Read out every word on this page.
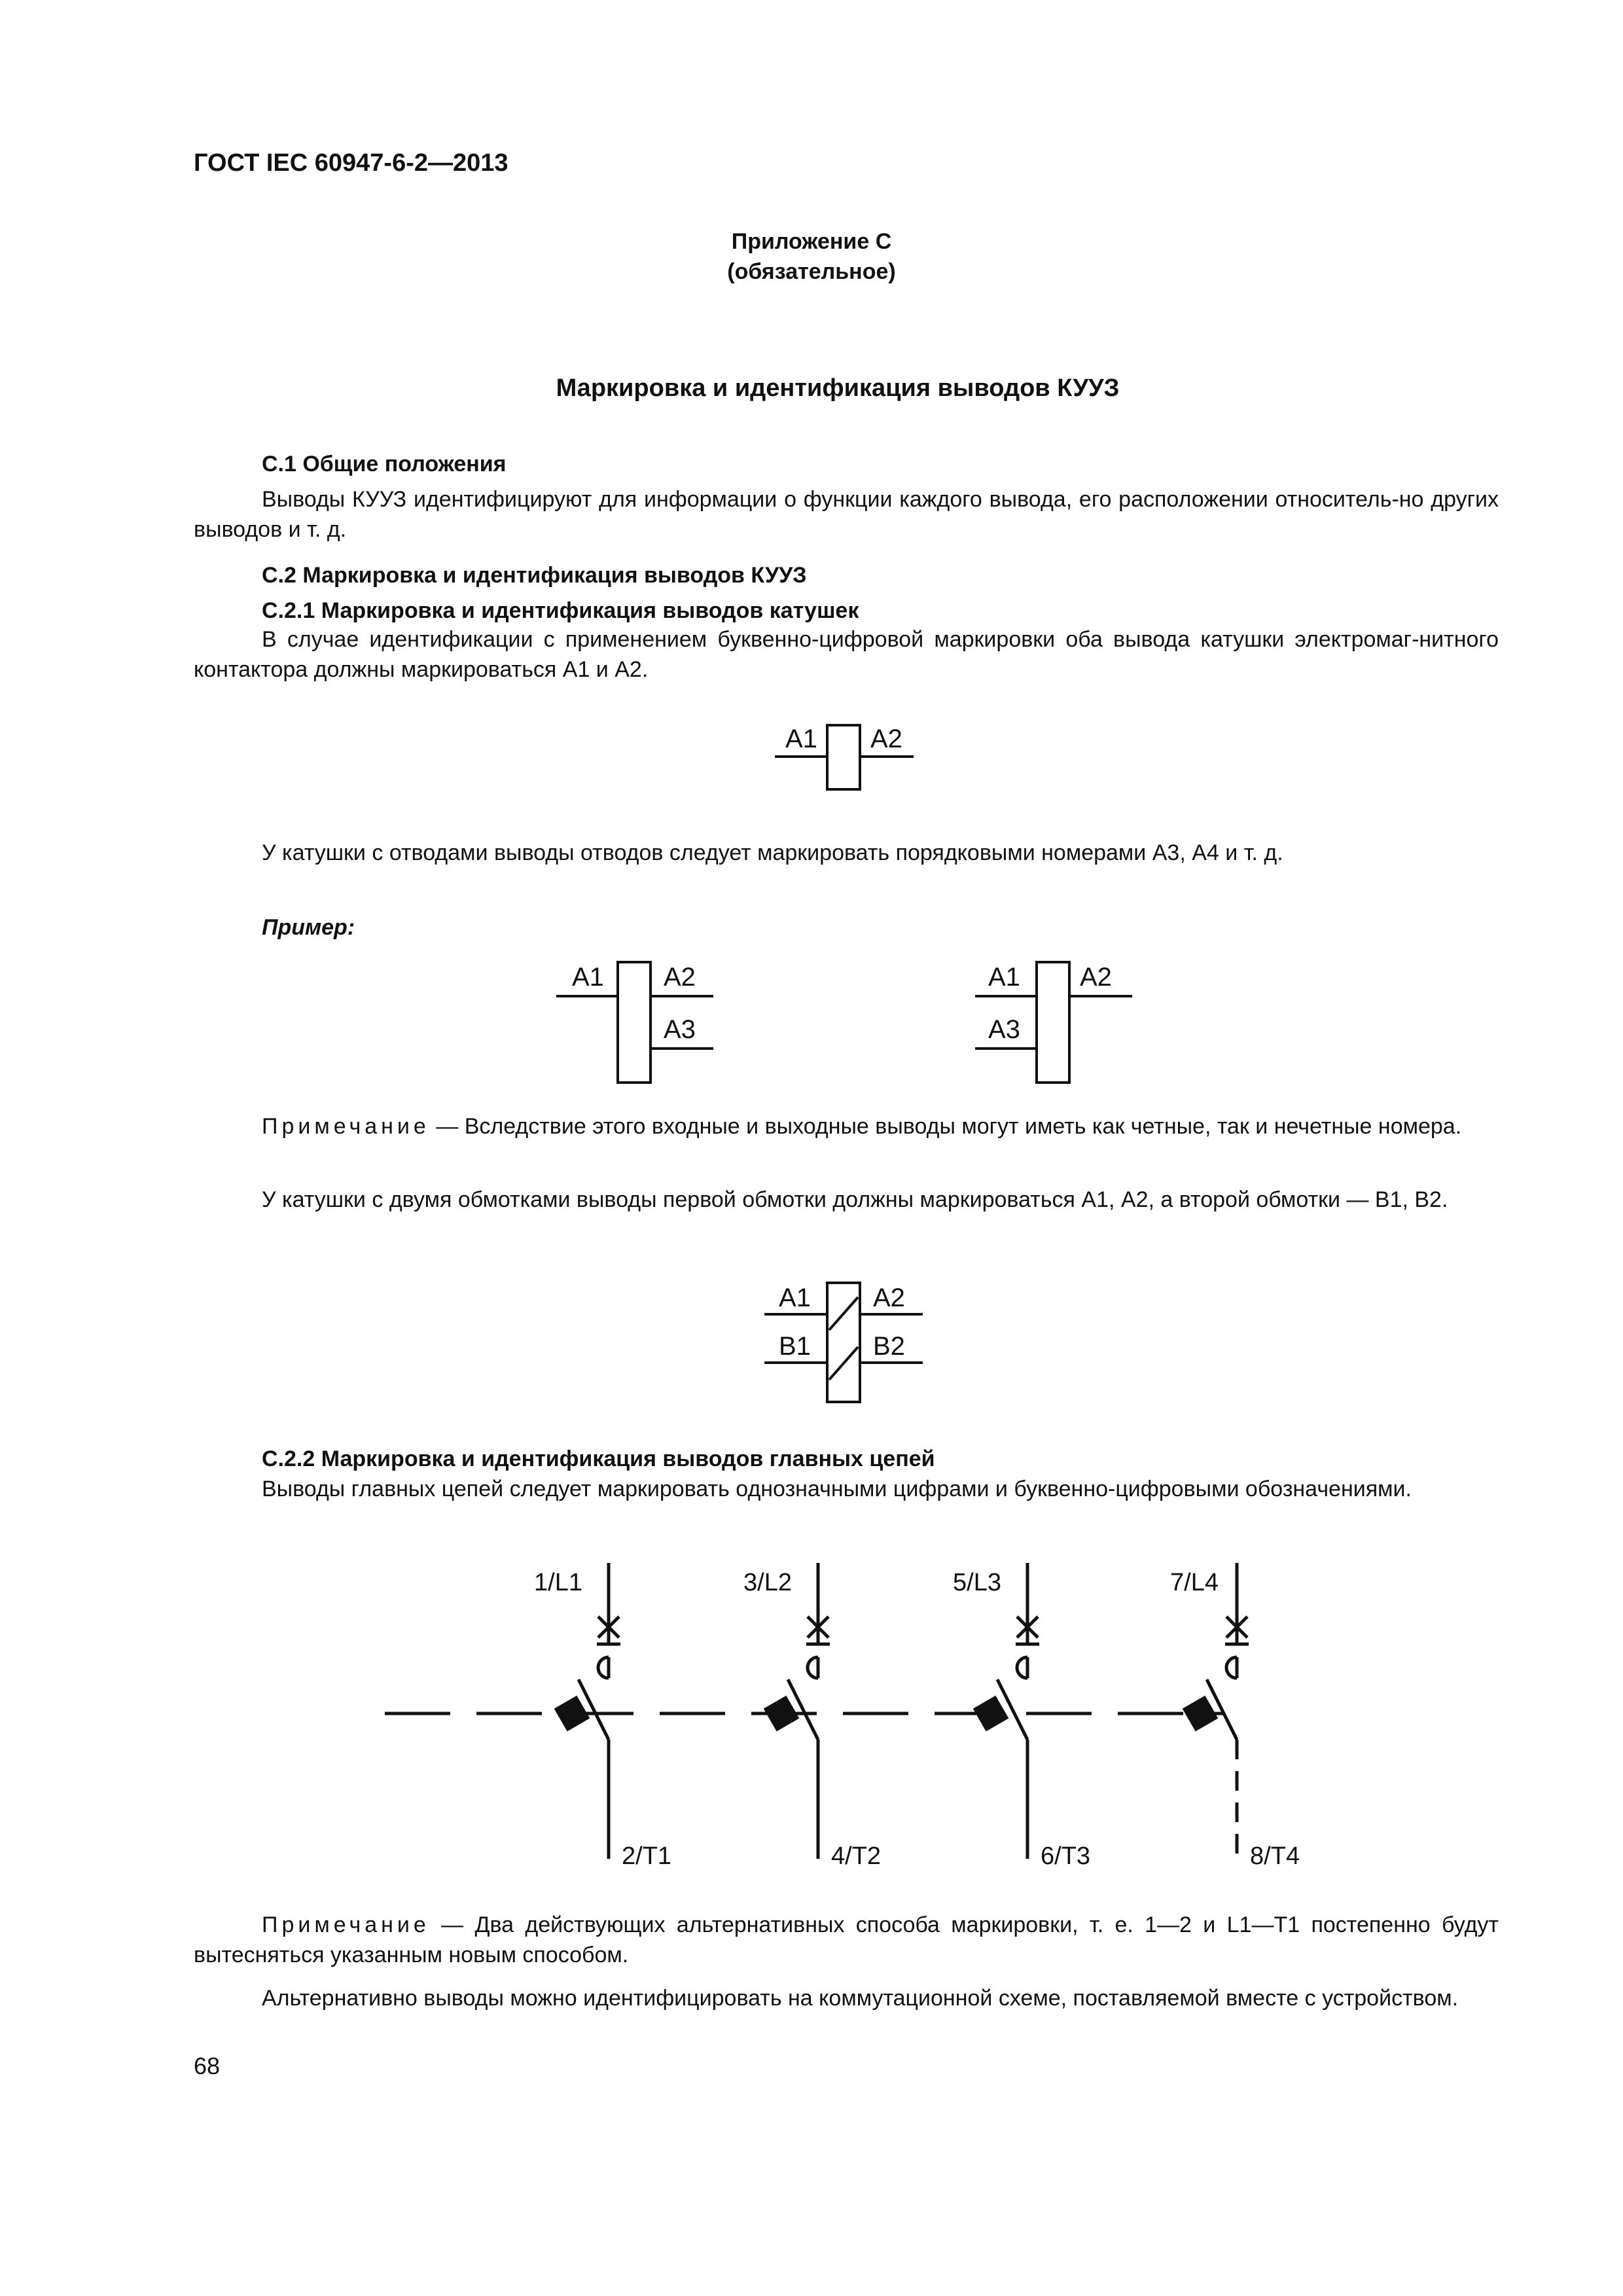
ГОСТ IEC 60947-6-2—2013
Приложение С
(обязательное)
Маркировка и идентификация выводов КУУЗ
С.1 Общие положения
Выводы КУУЗ идентифицируют для информации о функции каждого вывода, его расположении относитель-но других выводов и т. д.
С.2 Маркировка и идентификация выводов КУУЗ
С.2.1 Маркировка и идентификация выводов катушек
В случае идентификации с применением буквенно-цифровой маркировки оба вывода катушки электромаг-нитного контактора должны маркироваться А1 и А2.
А1 А2
У катушки с отводами выводы отводов следует маркировать порядковыми номерами А3, А4 и т. д.
Пример:
А1 А2
А3
А1 А2
А3
Примечание — Вследствие этого входные и выходные выводы могут иметь как четные, так и нечетные номера.
У катушки с двумя обмотками выводы первой обмотки должны маркироваться А1, А2, а второй обмотки — В1, В2.
А1 А2
В1 В2
С.2.2 Маркировка и идентификация выводов главных цепей
Выводы главных цепей следует маркировать однозначными цифрами и буквенно-цифровыми обозначениями.
1/L1	3/L2	5/L3	7/L4
2/T1	4/T2	6/T3	8/T4
Примечание — Два действующих альтернативных способа маркировки, т. е. 1—2 и L1—T1 постепенно будут вытесняться указанным новым способом.
Альтернативно выводы можно идентифицировать на коммутационной схеме, поставляемой вместе с устройством.
68
